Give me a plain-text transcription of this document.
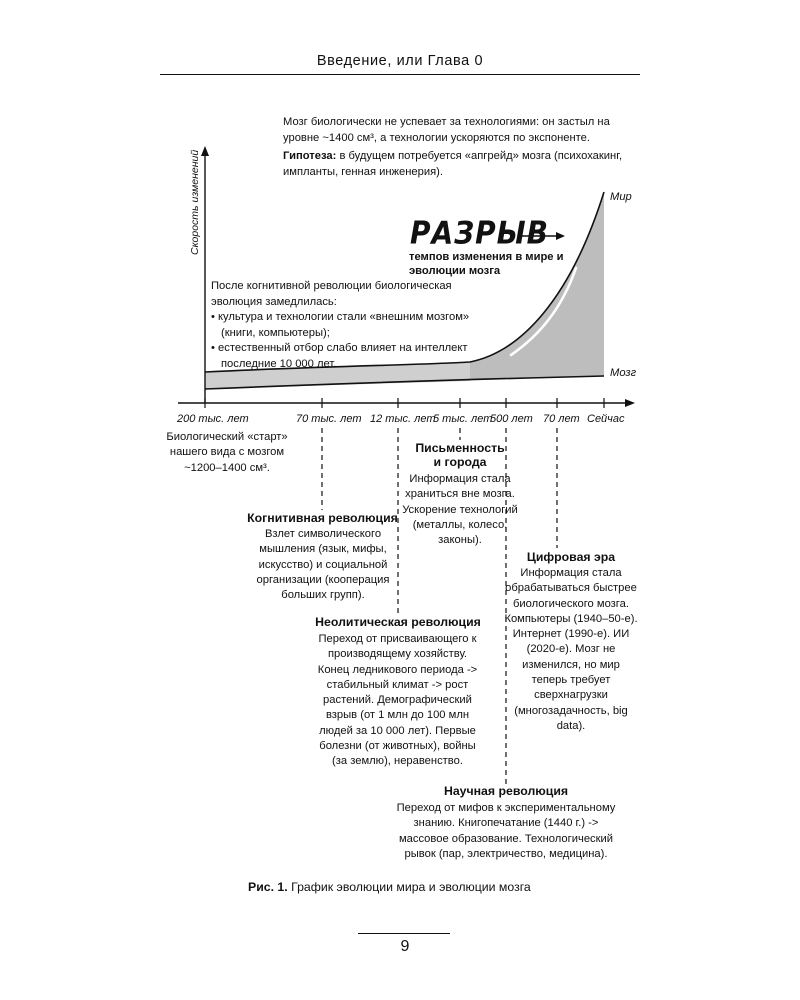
Введение, или Глава 0
Мозг биологически не успевает за технологиями: он застыл на уровне ~1400 см³, а технологии ускоряются по экспоненте.
Гипотеза: в будущем потребуется «апгрейд» мозга (психохакинг, импланты, генная инженерия).
Скорость изменений	Мир
Мозг
РАЗРЫВ
темпов изменения в мире и эволюции мозга
После когнитивной революции биологическая эволюция замедлилась:
• культура и технологии стали «внешним мозгом» (книги, компьютеры);
• естественный отбор слабо влияет на интеллект последние 10 000 лет.
200 тыс. лет	70 тыс. лет 12 тыс. лет
5 тыс. лет
500 лет 70 лет Сейчас
Биологический «старт» нашего вида с мозгом ~1200–1400 см³.
Письменность и города
Информация стала храниться вне мозга. Ускорение технологий (металлы, колесо, законы).
Когнитивная революция
Взлет символического мышления (язык, мифы, искусство) и социальной организации (кооперация больших групп).
Цифровая эра
Информация стала обрабатываться быстрее биологического мозга. Компьютеры (1940–50-е). Интернет (1990-е). ИИ (2020-е). Мозг не изменился, но мир теперь требует сверхнагрузки (многозадачность, big data).
Неолитическая революция
Переход от присваивающего к производящему хозяйству. Конец ледникового периода -> стабильный климат -> рост растений. Демографический взрыв (от 1 млн до 100 млн людей за 10 000 лет). Первые болезни (от животных), войны (за землю), неравенство.
Научная революция
Переход от мифов к экспериментальному знанию. Книгопечатание (1440 г.) -> массовое образование. Технологический рывок (пар, электричество, медицина).
Рис. 1. График эволюции мира и эволюции мозга
9
